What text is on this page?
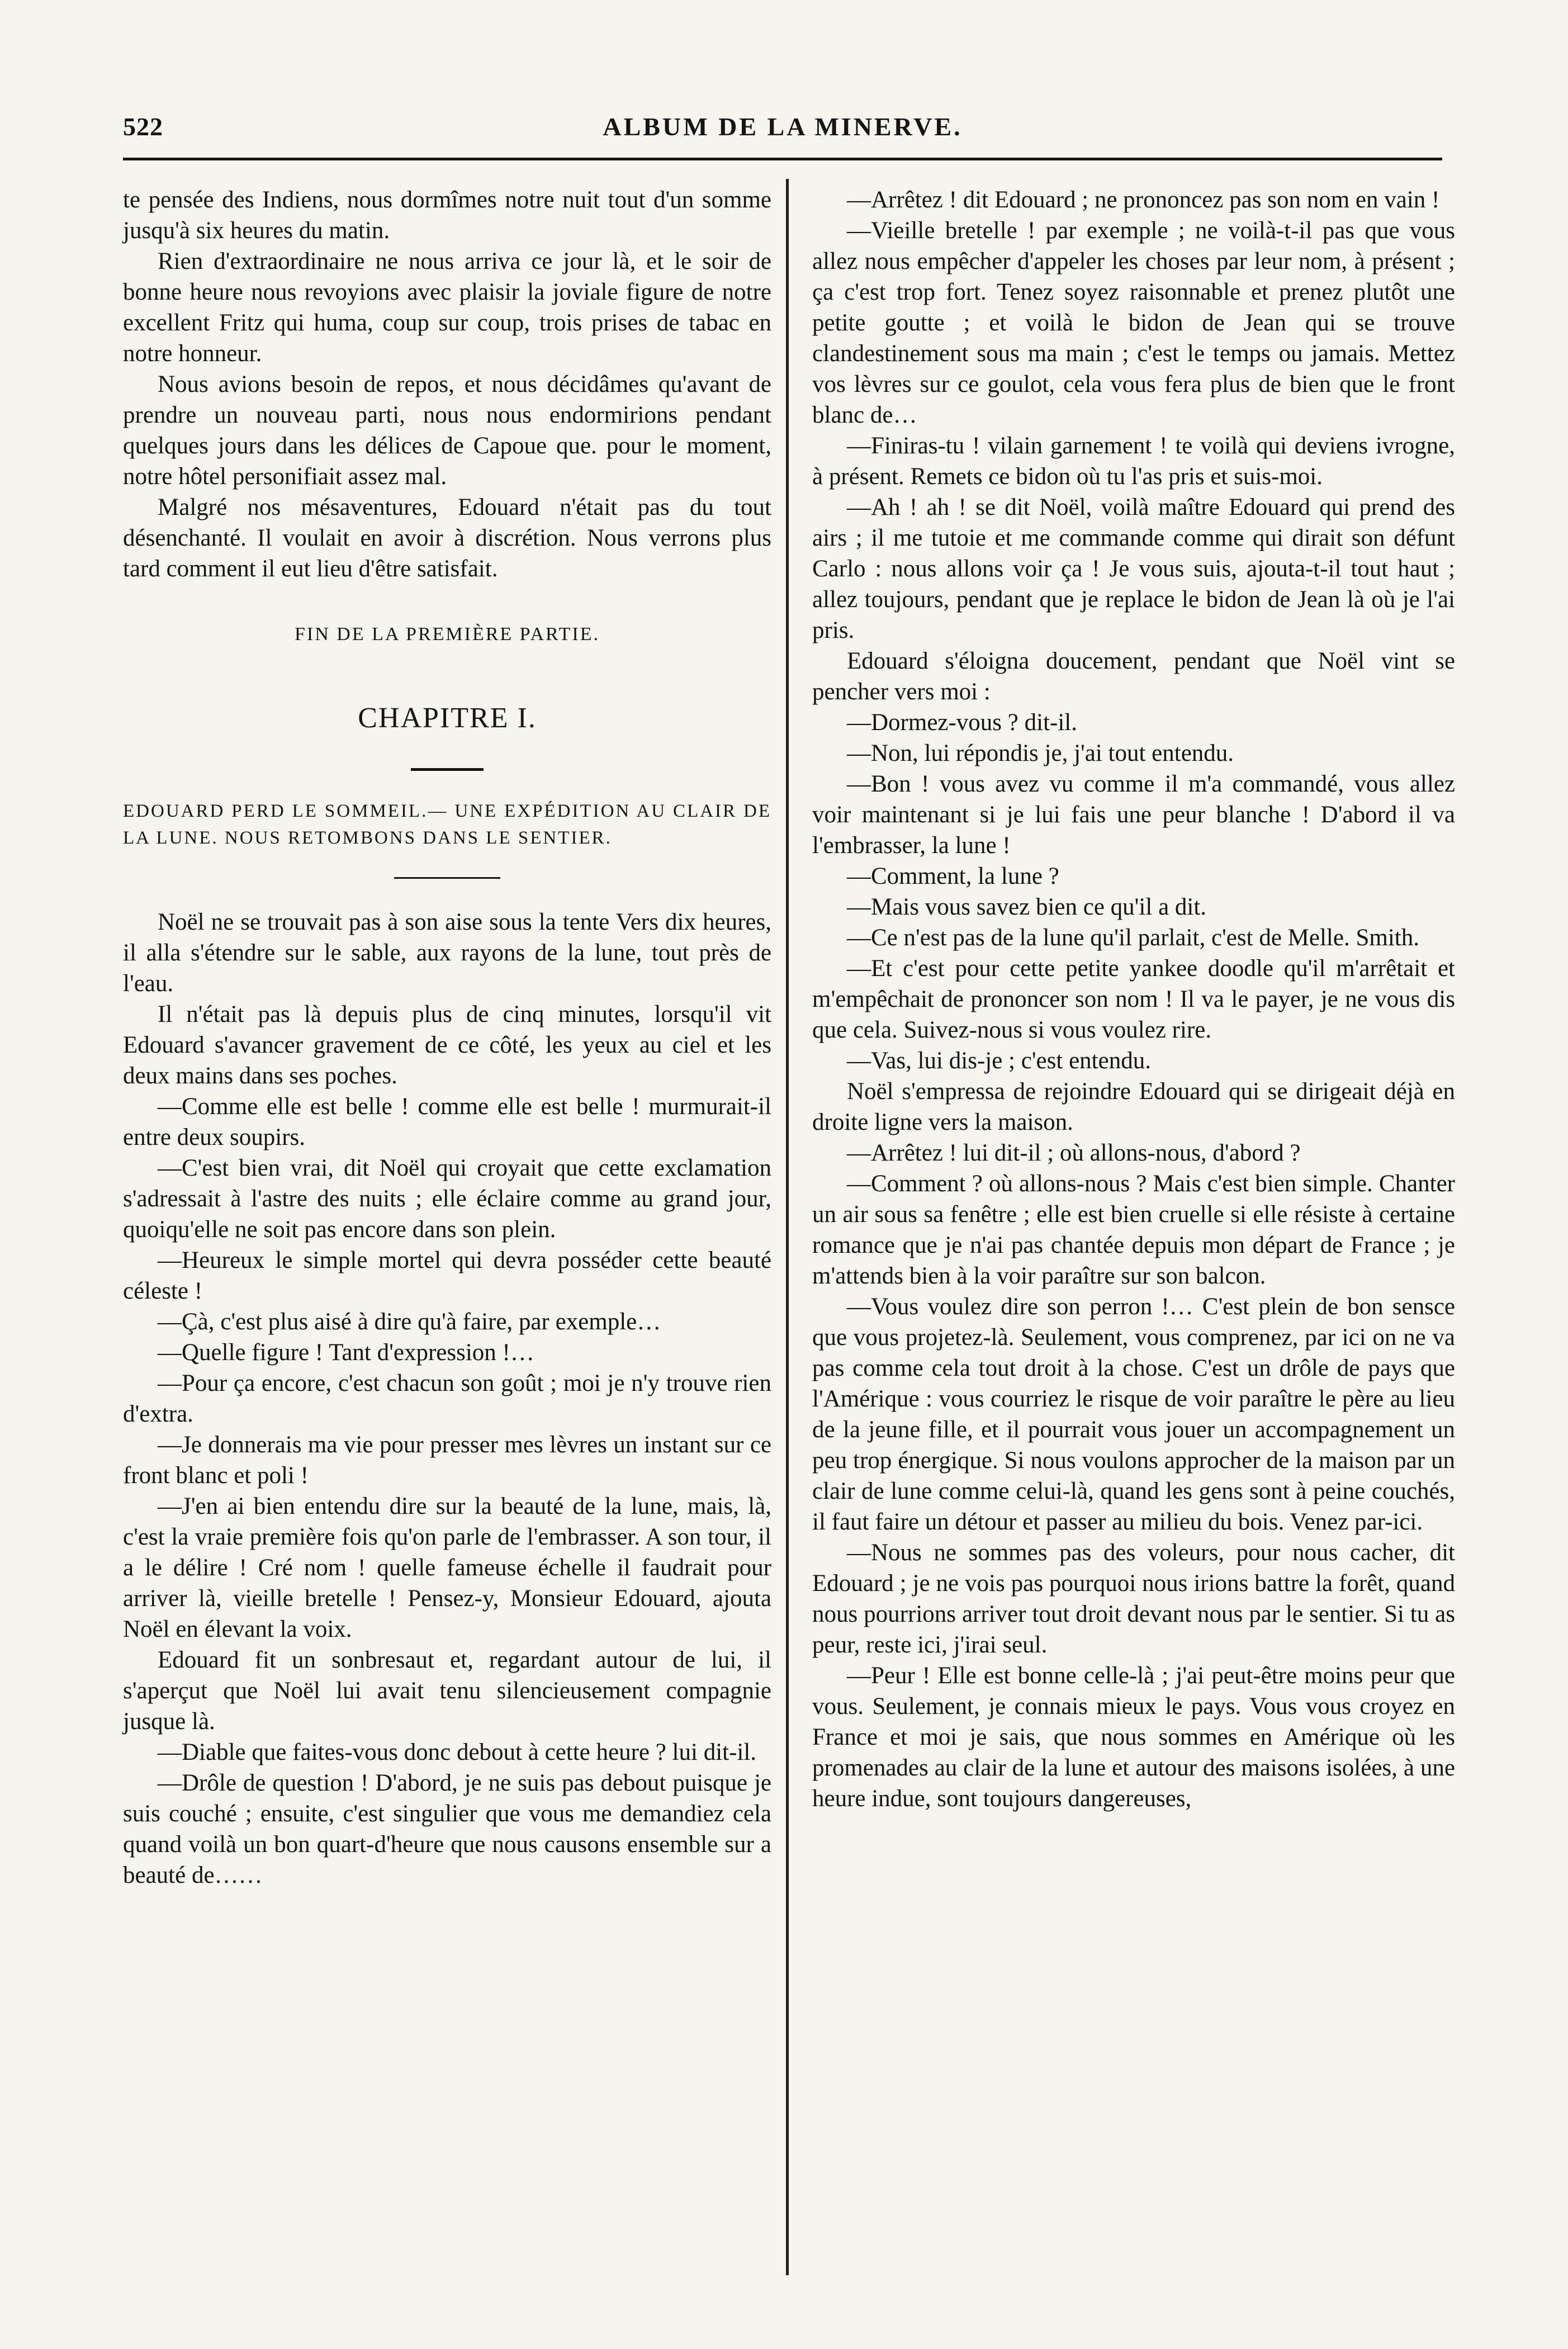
522	ALBUM DE LA MINERVE.

te pensée des Indiens, nous dormîmes notre nuit tout d'un somme jusqu'à six heures du matin.

Rien d'extraordinaire ne nous arriva ce jour là, et le soir de bonne heure nous revoyions avec plaisir la joviale figure de notre excellent Fritz qui huma, coup sur coup, trois prises de tabac en notre honneur.

Nous avions besoin de repos, et nous décidâmes qu'avant de prendre un nouveau parti, nous nous endormirions pendant quelques jours dans les délices de Capoue que. pour le moment, notre hôtel personifiait assez mal.

Malgré nos mésaventures, Edouard n'était pas du tout désenchanté. Il voulait en avoir à discrétion. Nous verrons plus tard comment il eut lieu d'être satisfait.

FIN DE LA PREMIÈRE PARTIE.
CHAPITRE I.
EDOUARD PERD LE SOMMEIL.— UNE EXPÉDITION AU CLAIR DE LA LUNE. NOUS RETOMBONS DANS LE SENTIER.

Noël ne se trouvait pas à son aise sous la tente Vers dix heures, il alla s'étendre sur le sable, aux rayons de la lune, tout près de l'eau.

Il n'était pas là depuis plus de cinq minutes, lorsqu'il vit Edouard s'avancer gravement de ce côté, les yeux au ciel et les deux mains dans ses poches.

—Comme elle est belle ! comme elle est belle ! murmurait-il entre deux soupirs.

—C'est bien vrai, dit Noël qui croyait que cette exclamation s'adressait à l'astre des nuits ; elle éclaire comme au grand jour, quoiqu'elle ne soit pas encore dans son plein.

—Heureux le simple mortel qui devra posséder cette beauté céleste !

—Çà, c'est plus aisé à dire qu'à faire, par exemple…

—Quelle figure ! Tant d'expression !…

—Pour ça encore, c'est chacun son goût ; moi je n'y trouve rien d'extra.

—Je donnerais ma vie pour presser mes lèvres un instant sur ce front blanc et poli !

—J'en ai bien entendu dire sur la beauté de la lune, mais, là, c'est la vraie première fois qu'on parle de l'embrasser. A son tour, il a le délire ! Cré nom ! quelle fameuse échelle il faudrait pour arriver là, vieille bretelle ! Pensez-y, Monsieur Edouard, ajouta Noël en élevant la voix.

Edouard fit un sonbresaut et, regardant autour de lui, il s'aperçut que Noël lui avait tenu silencieusement compagnie jusque là.

—Diable que faites-vous donc debout à cette heure ? lui dit-il.

—Drôle de question ! D'abord, je ne suis pas debout puisque je suis couché ; ensuite, c'est singulier que vous me demandiez cela quand voilà un bon quart-d'heure que nous causons ensemble sur a beauté de……

—Arrêtez ! dit Edouard ; ne prononcez pas son nom en vain !

—Vieille bretelle ! par exemple ; ne voilà-t-il pas que vous allez nous empêcher d'appeler les choses par leur nom, à présent ; ça c'est trop fort. Tenez soyez raisonnable et prenez plutôt une petite goutte ; et voilà le bidon de Jean qui se trouve clandestinement sous ma main ; c'est le temps ou jamais. Mettez vos lèvres sur ce goulot, cela vous fera plus de bien que le front blanc de…

—Finiras-tu ! vilain garnement ! te voilà qui deviens ivrogne, à présent. Remets ce bidon où tu l'as pris et suis-moi.

—Ah ! ah ! se dit Noël, voilà maître Edouard qui prend des airs ; il me tutoie et me commande comme qui dirait son défunt Carlo : nous allons voir ça ! Je vous suis, ajouta-t-il tout haut ; allez toujours, pendant que je replace le bidon de Jean là où je l'ai pris.

Edouard s'éloigna doucement, pendant que Noël vint se pencher vers moi :

—Dormez-vous ? dit-il.

—Non, lui répondis je, j'ai tout entendu.

—Bon ! vous avez vu comme il m'a commandé, vous allez voir maintenant si je lui fais une peur blanche ! D'abord il va l'embrasser, la lune !

—Comment, la lune ?

—Mais vous savez bien ce qu'il a dit.

—Ce n'est pas de la lune qu'il parlait, c'est de Melle. Smith.

—Et c'est pour cette petite yankee doodle qu'il m'arrêtait et m'empêchait de prononcer son nom ! Il va le payer, je ne vous dis que cela. Suivez-nous si vous voulez rire.

—Vas, lui dis-je ; c'est entendu.

Noël s'empressa de rejoindre Edouard qui se dirigeait déjà en droite ligne vers la maison.

—Arrêtez ! lui dit-il ; où allons-nous, d'abord ?

—Comment ? où allons-nous ? Mais c'est bien simple. Chanter un air sous sa fenêtre ; elle est bien cruelle si elle résiste à certaine romance que je n'ai pas chantée depuis mon départ de France ; je m'attends bien à la voir paraître sur son balcon.

—Vous voulez dire son perron !… C'est plein de bon sensce que vous projetez-là. Seulement, vous comprenez, par ici on ne va pas comme cela tout droit à la chose. C'est un drôle de pays que l'Amérique : vous courriez le risque de voir paraître le père au lieu de la jeune fille, et il pourrait vous jouer un accompagnement un peu trop énergique. Si nous voulons approcher de la maison par un clair de lune comme celui-là, quand les gens sont à peine couchés, il faut faire un détour et passer au milieu du bois. Venez par-ici.

—Nous ne sommes pas des voleurs, pour nous cacher, dit Edouard ; je ne vois pas pourquoi nous irions battre la forêt, quand nous pourrions arriver tout droit devant nous par le sentier. Si tu as peur, reste ici, j'irai seul.

—Peur ! Elle est bonne celle-là ; j'ai peut-être moins peur que vous. Seulement, je connais mieux le pays. Vous vous croyez en France et moi je sais, que nous sommes en Amérique où les promenades au clair de la lune et autour des maisons isolées, à une heure indue, sont toujours dangereuses,
